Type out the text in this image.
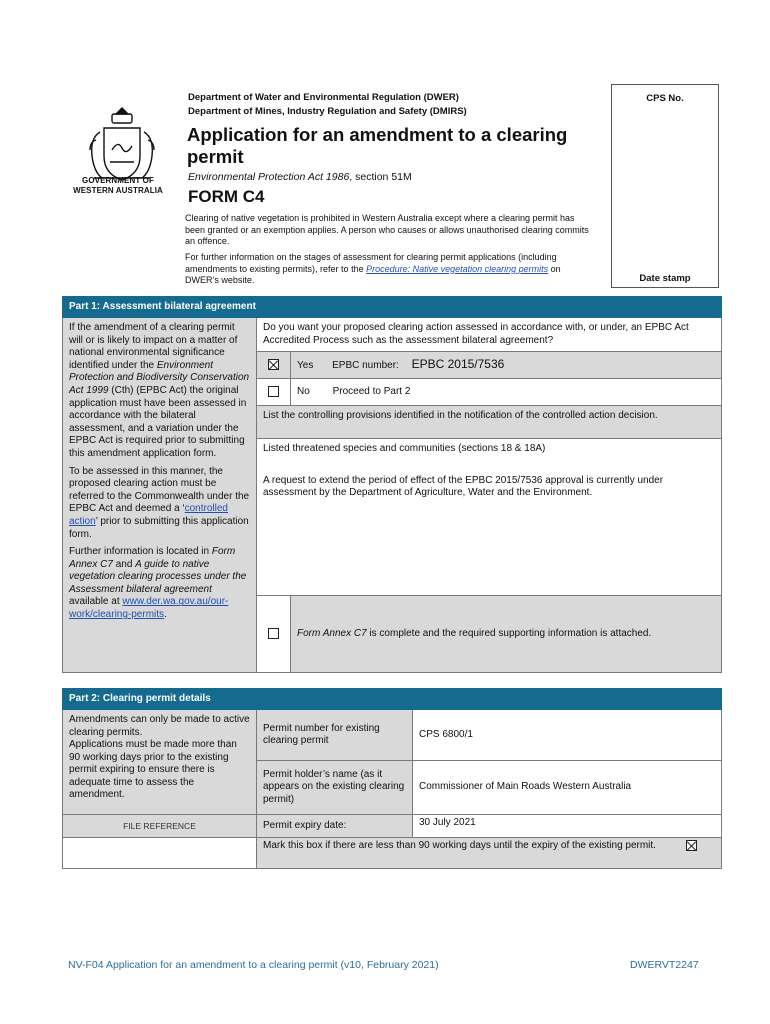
GOVERNMENT OF
WESTERN AUSTRALIA
Department of Water and Environmental Regulation (DWER)
Department of Mines, Industry Regulation and Safety (DMIRS)
Application for an amendment to a clearing permit
Environmental Protection Act 1986, section 51M
FORM C4
Clearing of native vegetation is prohibited in Western Australia except where a clearing permit has been granted or an exemption applies. A person who causes or allows unauthorised clearing commits an offence.
For further information on the stages of assessment for clearing permit applications (including amendments to existing permits), refer to the Procedure: Native vegetation clearing permits on DWER’s website.
CPS No.
Date stamp
Part 1: Assessment bilateral agreement		

If the amendment of a clearing permit will or is likely to impact on a matter of national environmental significance identified under the Environment Protection and Biodiversity Conservation Act 1999 (Cth) (EPBC Act) the original application must have been assessed in accordance with the bilateral assessment, and a variation under the EPBC Act is required prior to submitting this amendment application form.
To be assessed in this manner, the proposed clearing action must be referred to the Commonwealth under the EPBC Act and deemed a ‘controlled action’ prior to submitting this application form.
Further information is located in Form Annex C7 and A guide to native vegetation clearing processes under the Assessment bilateral agreement available at www.der.wa.gov.au/our-work/clearing-permits.	Do you want your proposed clearing action assessed in accordance with, or under, an EPBC Act Accredited Process such as the assessment bilateral agreement?	
		Yes EPBC number: EPBC 2015/7536
		No Proceed to Part 2
	List the controlling provisions identified in the notification of the controlled action decision.	

	Listed threatened species and communities (sections 18 & 18A)
A request to extend the period of effect of the EPBC 2015/7536 approval is currently under assessment by the Department of Agriculture, Water and the Environment.	

		Form Annex C7 is complete and the required supporting information is attached.
Part 2: Clearing permit details		

Amendments can only be made to active clearing permits.
Applications must be made more than 90 working days prior to the existing permit expiring to ensure there is adequate time to assess the amendment.	Permit number for existing clearing permit	CPS 6800/1
	Permit holder’s name (as it appears on the existing clearing permit)	Commissioner of Main Roads Western Australia
FILE REFERENCE	Permit expiry date:	30 July 2021

	Mark this box if there are less than 90 working days until the expiry of the existing permit.	
NV-F04 Application for an amendment to a clearing permit (v10, February 2021)	DWERVT2247
